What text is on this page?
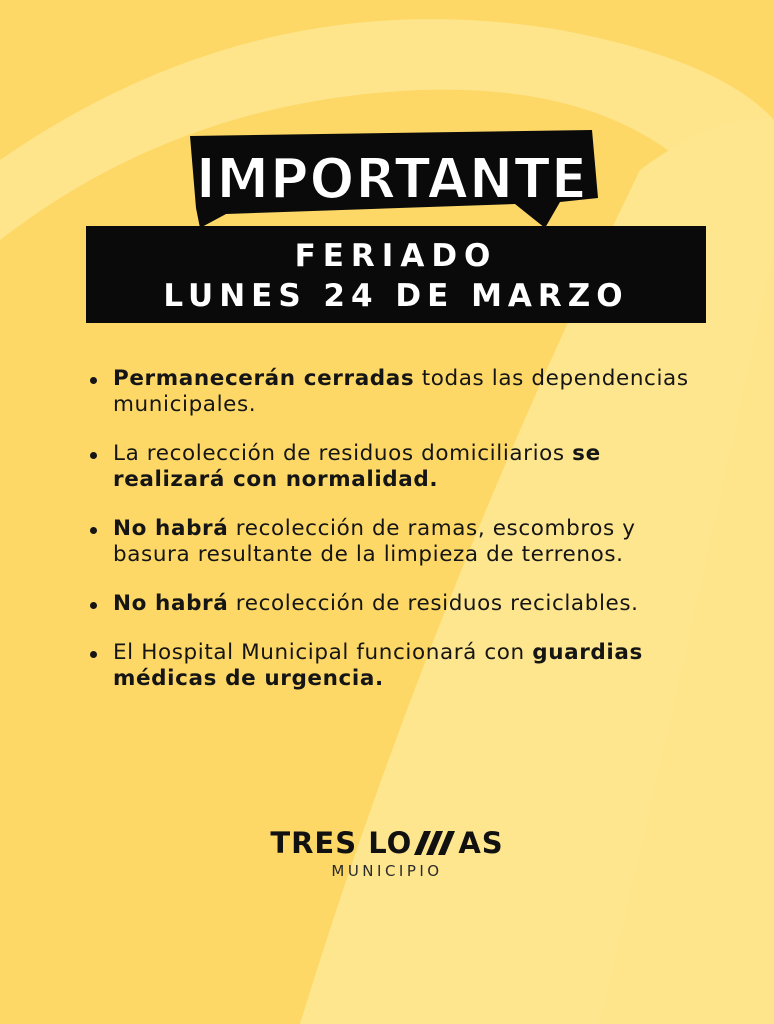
IMPORTANTE
FERIADO
LUNES 24 DE MARZO
Permanecerán cerradas todas las dependencias municipales.
La recolección de residuos domiciliarios se realizará con normalidad.
No habrá recolección de ramas, escombros y basura resultante de la limpieza de terrenos.
No habrá recolección de residuos reciclables.
El Hospital Municipal funcionará con guardias médicas de urgencia.
TRES LO AS
MUNICIPIO
